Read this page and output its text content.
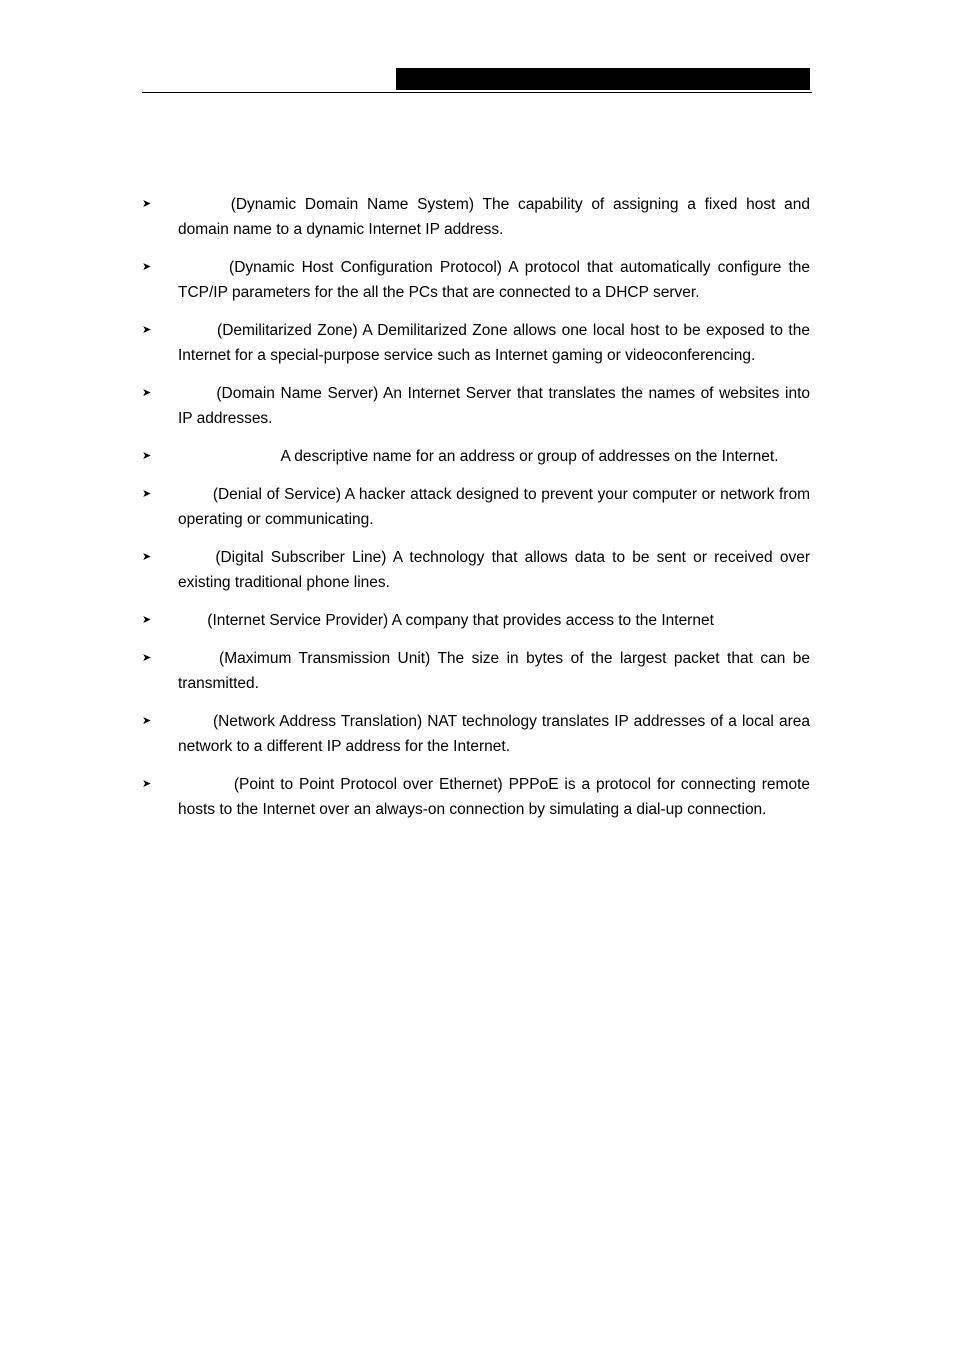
➤	DDNS (Dynamic Domain Name System) The capability of assigning a fixed host and domain name to a dynamic Internet IP address.
➤	DHCP (Dynamic Host Configuration Protocol) A protocol that automatically configure the TCP/IP parameters for the all the PCs that are connected to a DHCP server.
➤	DMZ (Demilitarized Zone) A Demilitarized Zone allows one local host to be exposed to the Internet for a special-purpose service such as Internet gaming or videoconferencing.
➤	DNS (Domain Name Server) An Internet Server that translates the names of websites into IP addresses.
➤	Domain Name A descriptive name for an address or group of addresses on the Internet.
➤	DoS (Denial of Service) A hacker attack designed to prevent your computer or network from operating or communicating.
➤	DSL (Digital Subscriber Line) A technology that allows data to be sent or received over existing traditional phone lines.
➤	ISP (Internet Service Provider) A company that provides access to the Internet
➤	MTU (Maximum Transmission Unit) The size in bytes of the largest packet that can be transmitted.
➤	NAT (Network Address Translation) NAT technology translates IP addresses of a local area network to a different IP address for the Internet.
➤	PPPoE (Point to Point Protocol over Ethernet) PPPoE is a protocol for connecting remote hosts to the Internet over an always-on connection by simulating a dial-up connection.
